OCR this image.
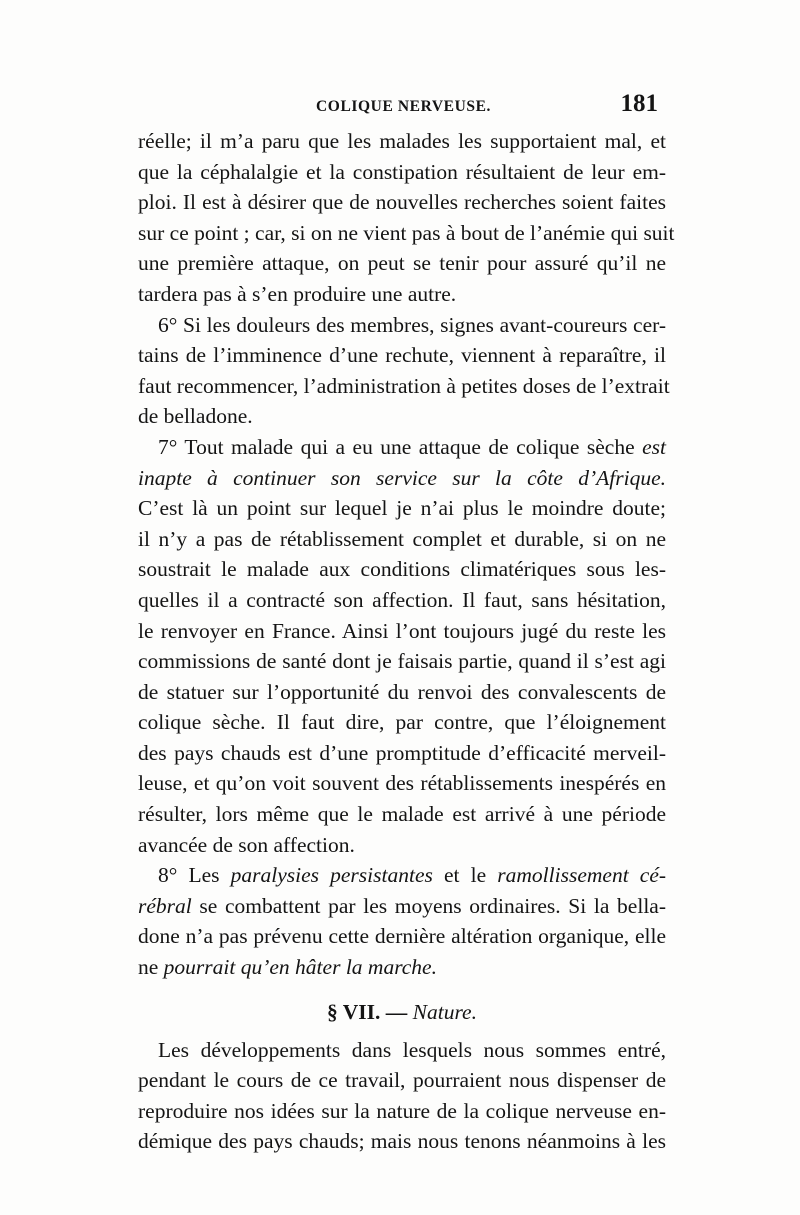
COLIQUE NERVEUSE.	181
réelle; il m’a paru que les malades les supportaient mal, et
que la céphalalgie et la constipation résultaient de leur em-
ploi. Il est à désirer que de nouvelles recherches soient faites
sur ce point ; car, si on ne vient pas à bout de l’anémie qui suit
une première attaque, on peut se tenir pour assuré qu’il ne
tardera pas à s’en produire une autre.
6° Si les douleurs des membres, signes avant-coureurs cer-
tains de l’imminence d’une rechute, viennent à reparaître, il
faut recommencer, l’administration à petites doses de l’extrait
de belladone.
7° Tout malade qui a eu une attaque de colique sèche est
inapte à continuer son service sur la côte d’Afrique.
C’est là un point sur lequel je n’ai plus le moindre doute;
il n’y a pas de rétablissement complet et durable, si on ne
soustrait le malade aux conditions climatériques sous les-
quelles il a contracté son affection. Il faut, sans hésitation,
le renvoyer en France. Ainsi l’ont toujours jugé du reste les
commissions de santé dont je faisais partie, quand il s’est agi
de statuer sur l’opportunité du renvoi des convalescents de
colique sèche. Il faut dire, par contre, que l’éloignement
des pays chauds est d’une promptitude d’efficacité merveil-
leuse, et qu’on voit souvent des rétablissements inespérés en
résulter, lors même que le malade est arrivé à une période
avancée de son affection.
8° Les paralysies persistantes et le ramollissement cé-
rébral se combattent par les moyens ordinaires. Si la bella-
done n’a pas prévenu cette dernière altération organique, elle
ne pourrait qu’en hâter la marche.
§ VII. — Nature.
Les développements dans lesquels nous sommes entré,
pendant le cours de ce travail, pourraient nous dispenser de
reproduire nos idées sur la nature de la colique nerveuse en-
démique des pays chauds; mais nous tenons néanmoins à les
